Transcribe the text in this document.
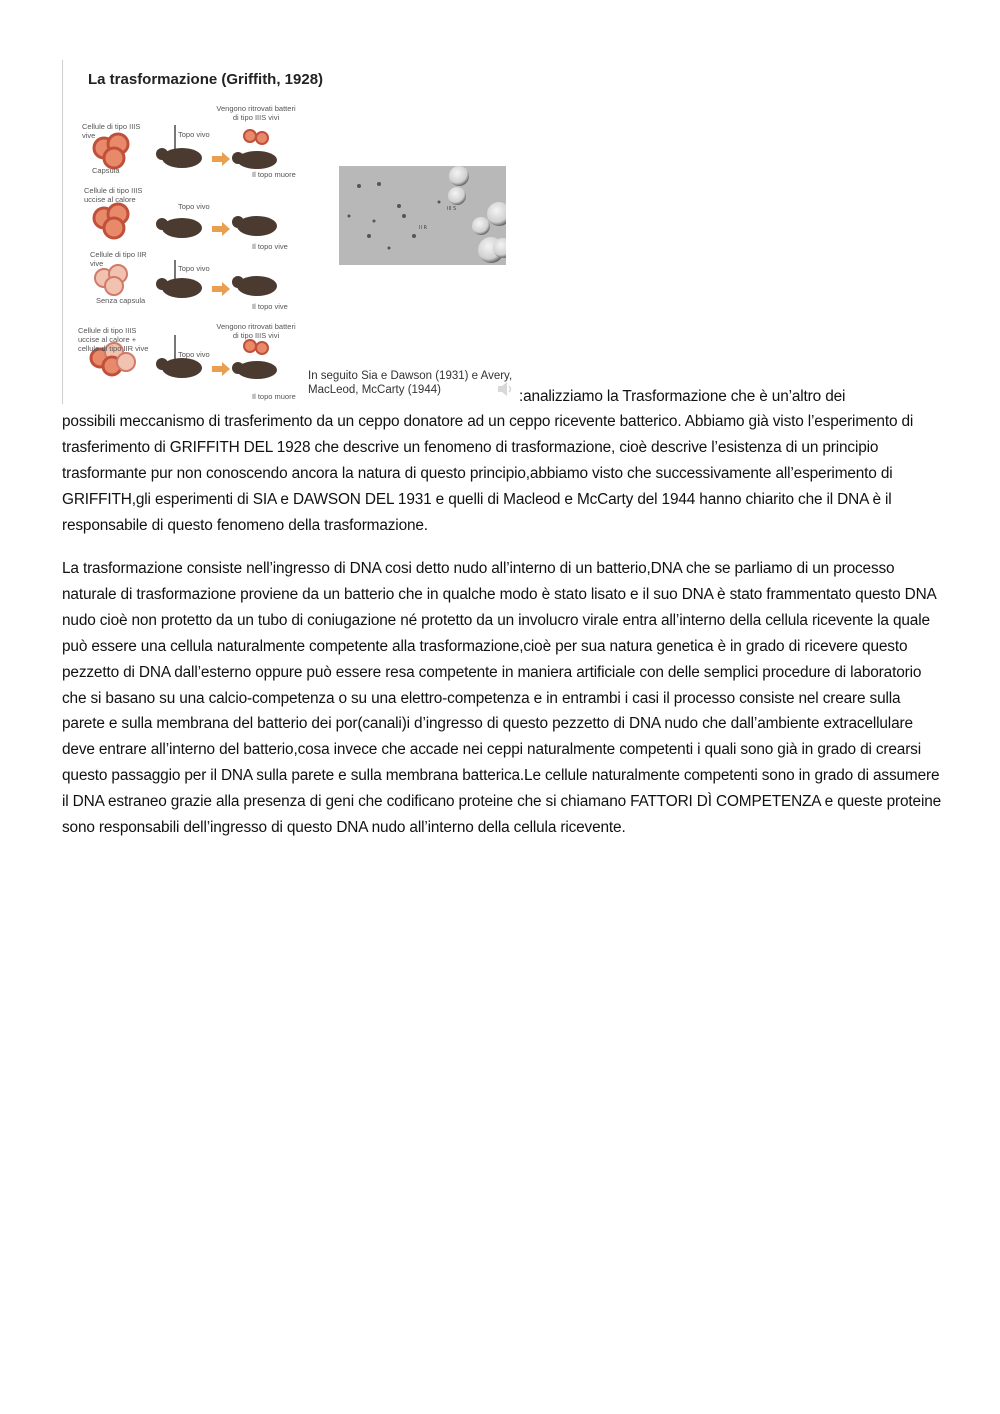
La trasformazione (Griffith, 1928)
Cellule di tipo IIIS vive
Capsula
Topo vivo
Vengono ritrovati batteri di tipo IIIS vivi
Il topo muore
Cellule di tipo IIIS uccise al calore
Topo vivo
Il topo vive
Cellule di tipo IIR vive
Senza capsula
Topo vivo
Il topo vive
Cellule di tipo IIIS uccise al calore + cellule di tipo IIR vive
Topo vivo
Vengono ritrovati batteri di tipo IIIS vivi
Il topo muore
In seguito Sia e Dawson (1931) e Avery,
MacLeod, McCarty (1944)
III S
II R
:analizziamo la Trasformazione che è un’altro dei
possibili meccanismo di trasferimento da un ceppo donatore ad un ceppo ricevente batterico. Abbiamo già visto l’esperimento di trasferimento di GRIFFITH DEL 1928 che descrive un fenomeno di trasformazione, cioè descrive l’esistenza di un principio trasformante pur non conoscendo ancora la natura di questo principio,abbiamo visto che successivamente all’esperimento di GRIFFITH,gli esperimenti di SIA e DAWSON DEL 1931 e quelli di Macleod e McCarty del 1944 hanno chiarito che il DNA è il responsabile di questo fenomeno della trasformazione.
La trasformazione consiste nell’ingresso di DNA cosi detto nudo all’interno di un batterio,DNA che se parliamo di un processo naturale di trasformazione proviene da un batterio che in qualche modo è stato lisato e il suo DNA è stato frammentato questo DNA nudo cioè non protetto da un tubo di coniugazione né protetto da un involucro virale entra all’interno della cellula ricevente la quale può essere una cellula naturalmente competente alla trasformazione,cioè per sua natura genetica è in grado di ricevere questo pezzetto di DNA dall’esterno oppure può essere resa competente in maniera artificiale con delle semplici procedure di laboratorio che si basano su una calcio-competenza o su una elettro-competenza e in entrambi i casi il processo consiste nel creare sulla parete e sulla membrana del batterio dei por(canali)i d’ingresso di questo pezzetto di DNA nudo che dall’ambiente extracellulare deve entrare all’interno del batterio,cosa invece che accade nei ceppi naturalmente competenti i quali sono già in grado di crearsi questo passaggio per il DNA sulla parete e sulla membrana batterica.Le cellule naturalmente competenti sono in grado di assumere il DNA estraneo grazie alla presenza di geni che codificano proteine che si chiamano FATTORI DÌ COMPETENZA e queste proteine sono responsabili dell’ingresso di questo DNA nudo all’interno della cellula ricevente.
